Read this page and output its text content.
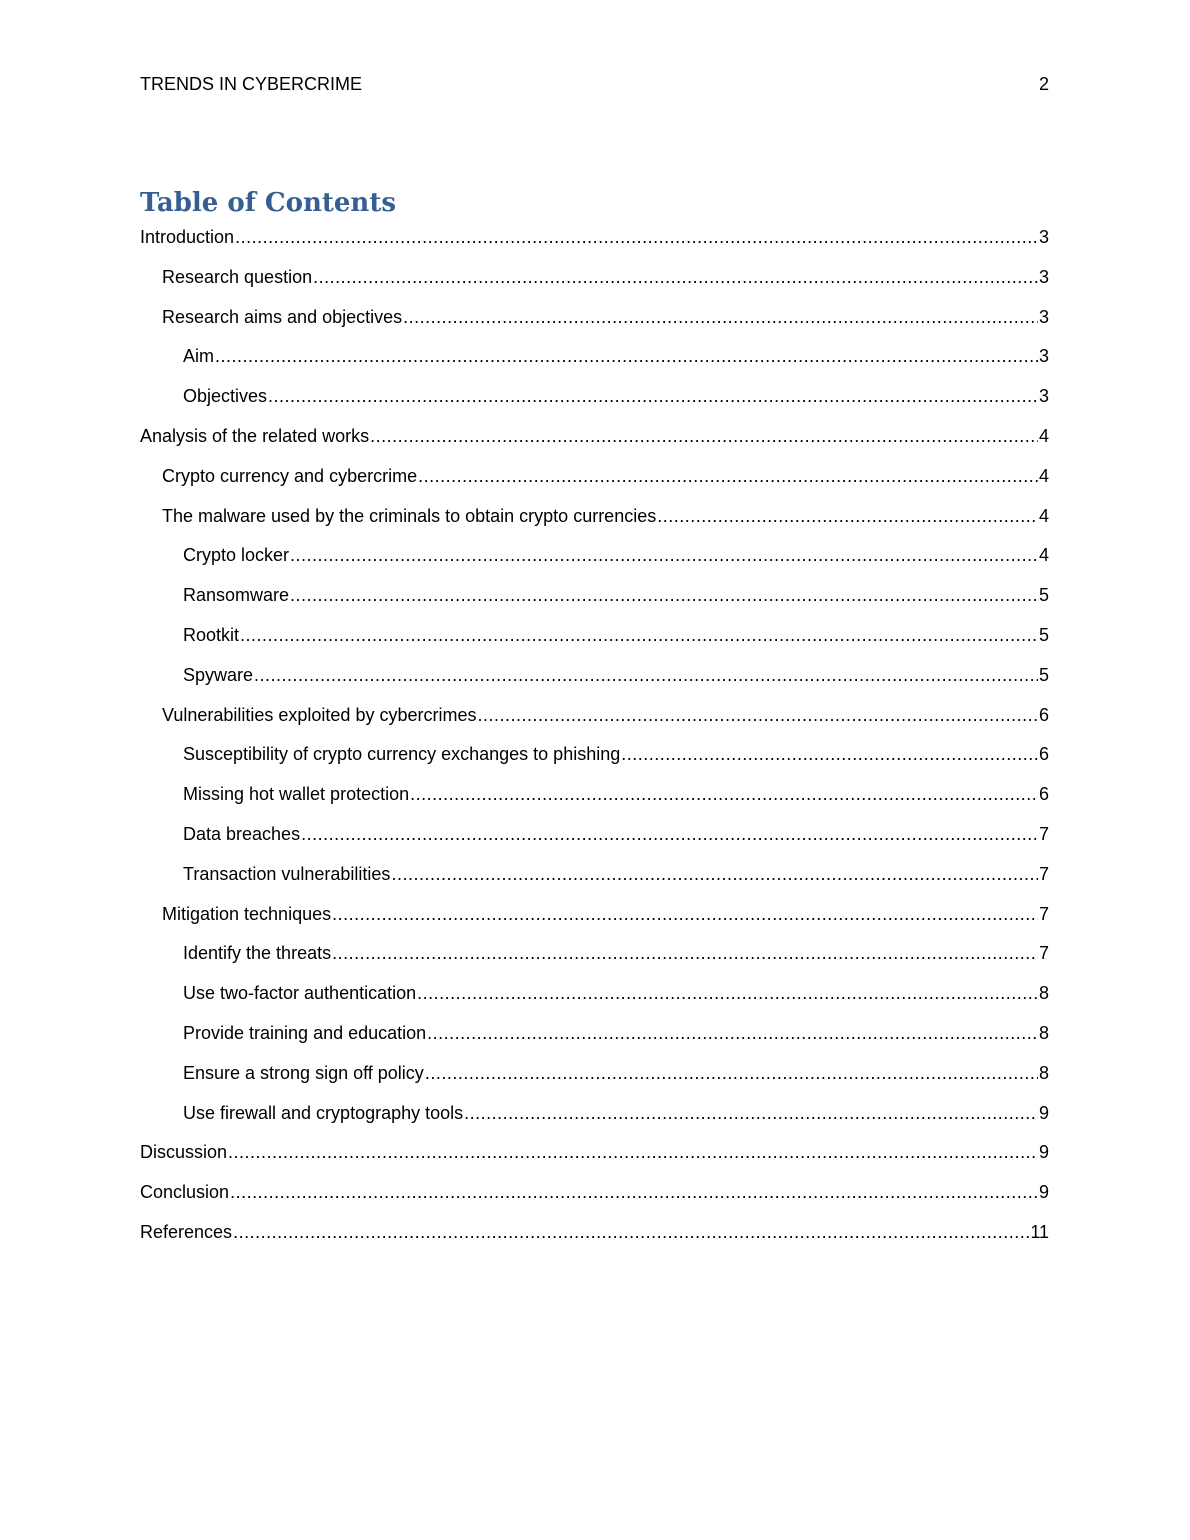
TRENDS IN CYBERCRIME	2
Table of Contents
Introduction .....	3
Research question .....	3
Research aims and objectives .....	3
Aim .....	3
Objectives .....	3
Analysis of the related works .....	4
Crypto currency and cybercrime .....	4
The malware used by the criminals to obtain crypto currencies .....	4
Crypto locker .....	4
Ransomware .....	5
Rootkit .....	5
Spyware .....	5
Vulnerabilities exploited by cybercrimes .....	6
Susceptibility of crypto currency exchanges to phishing .....	6
Missing hot wallet protection .....	6
Data breaches .....	7
Transaction vulnerabilities .....	7
Mitigation techniques .....	7
Identify the threats .....	7
Use two-factor authentication .....	8
Provide training and education .....	8
Ensure a strong sign off policy .....	8
Use firewall and cryptography tools .....	9
Discussion .....	9
Conclusion .....	9
References .....	11
